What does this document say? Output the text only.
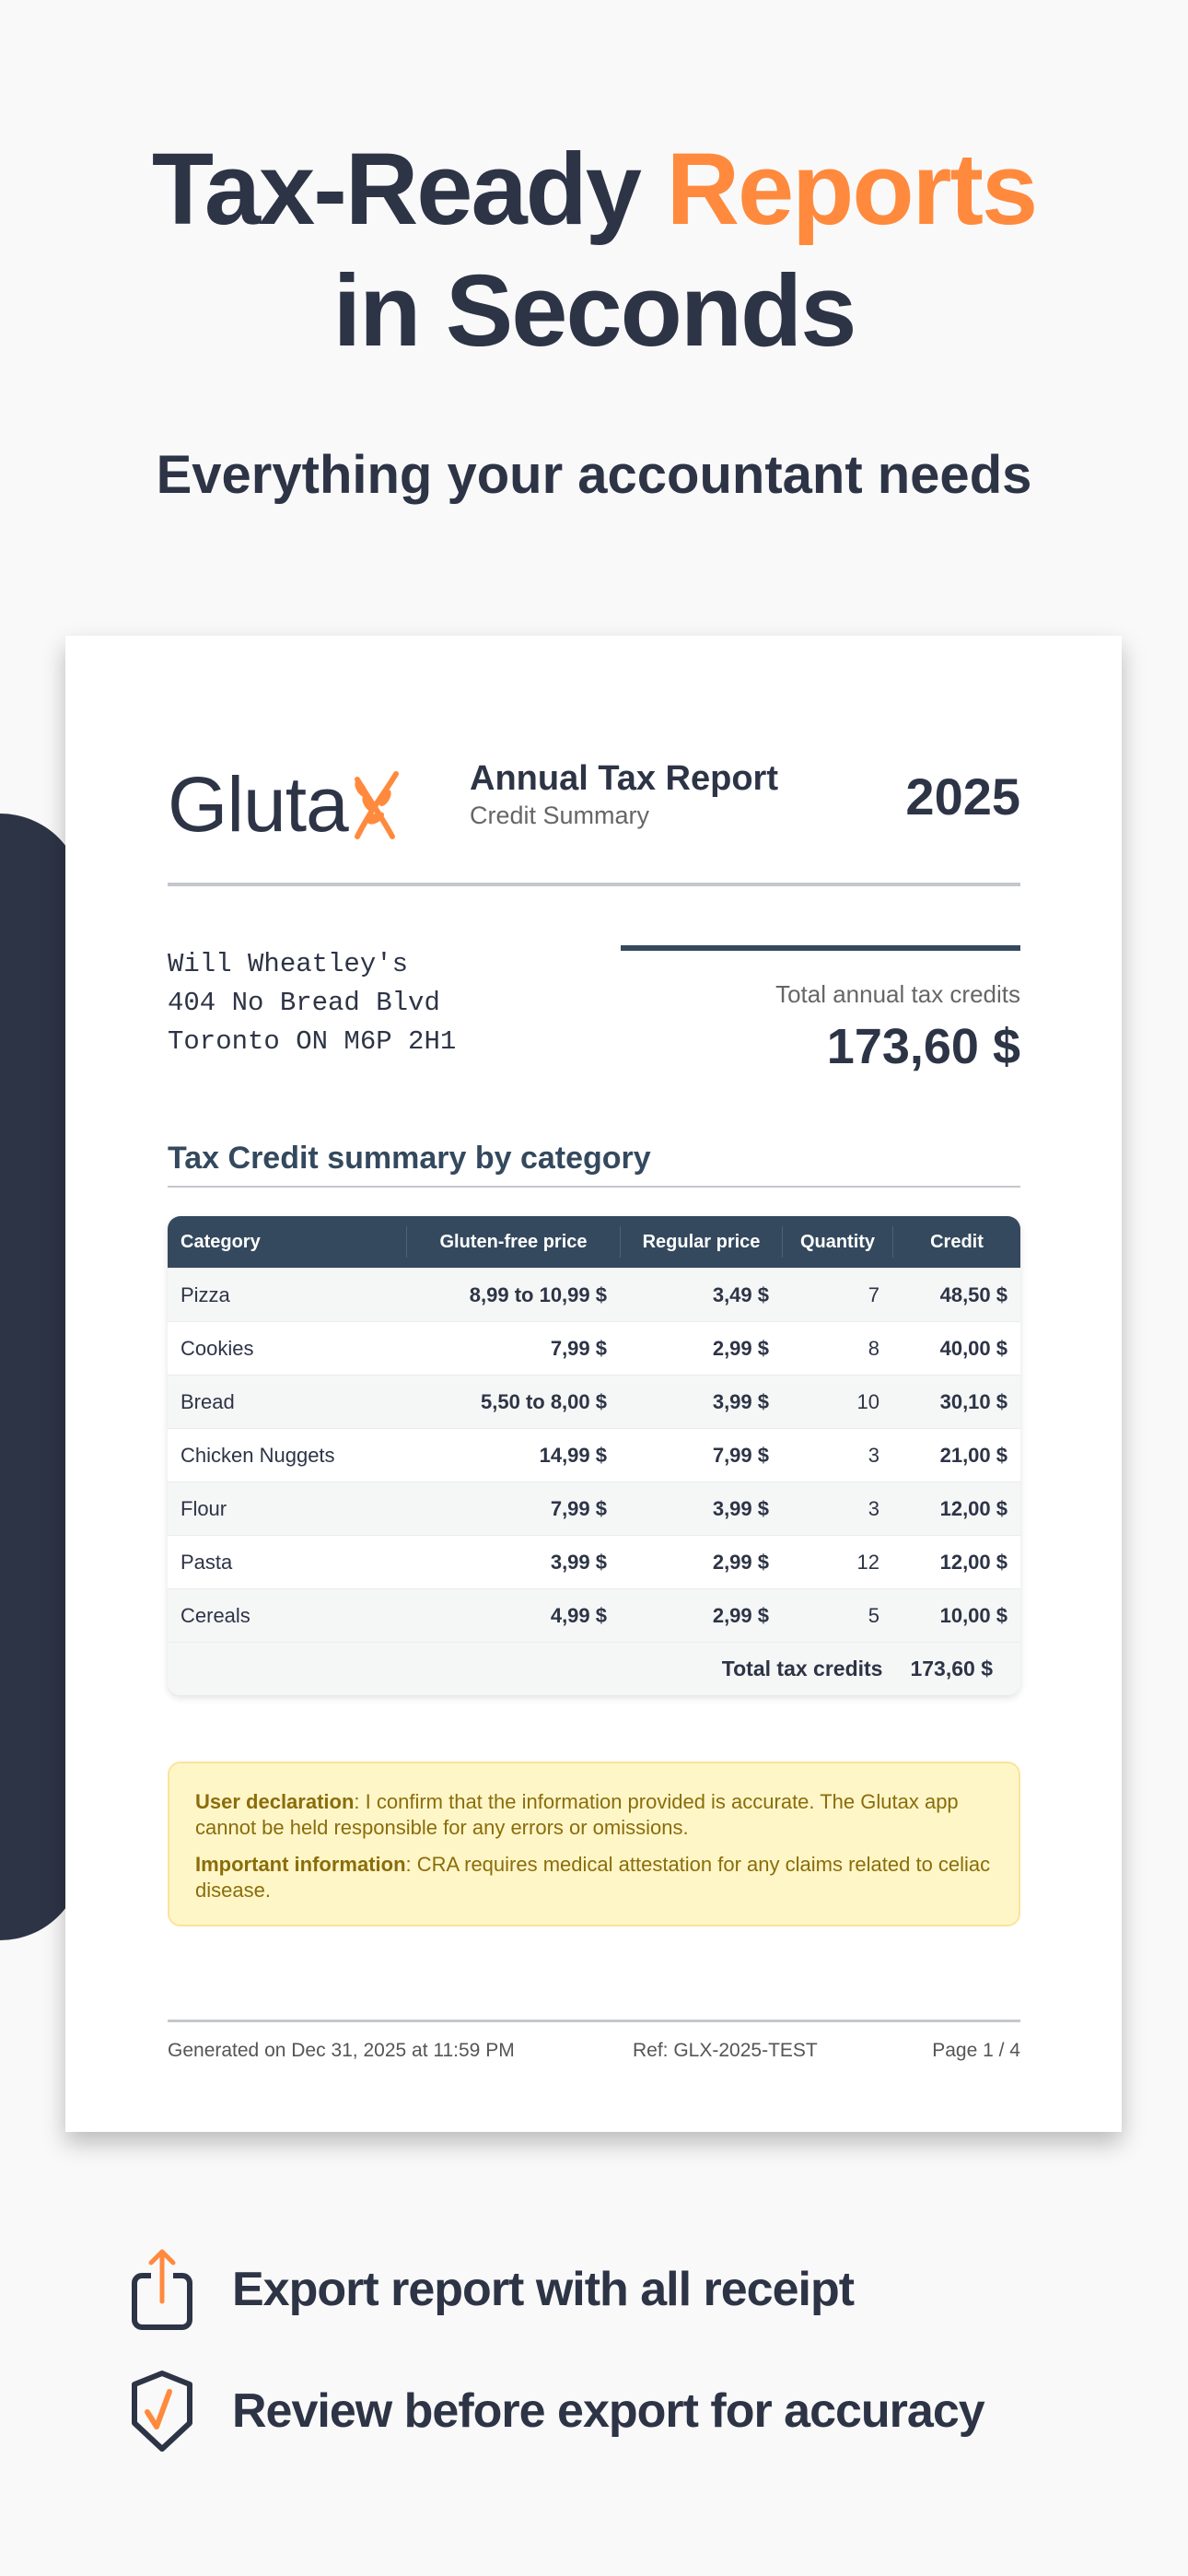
Tax-Ready Reports
in Seconds
Everything your accountant needs
Gluta	Annual Tax Report
Credit Summary	2025
Will Wheatley's
404 No Bread Blvd
Toronto ON M6P 2H1
Total annual tax credits
173,60 $
Tax Credit summary by category
Category	Gluten-free price	Regular price	Quantity	Credit
Pizza	8,99 to 10,99 $	3,49 $	7	48,50 $
Cookies	7,99 $	2,99 $	8	40,00 $
Bread	5,50 to 8,00 $	3,99 $	10	30,10 $
Chicken Nuggets	14,99 $	7,99 $	3	21,00 $
Flour	7,99 $	3,99 $	3	12,00 $
Pasta	3,99 $	2,99 $	12	12,00 $
Cereals	4,99 $	2,99 $	5	10,00 $
Total tax credits 173,60 $

User declaration: I confirm that the information provided is accurate. The Glutax app cannot be held responsible for any errors or omissions.

Important information: CRA requires medical attestation for any claims related to celiac disease.

Generated on Dec 31, 2025 at 11:59 PM	Ref: GLX-2025-TEST	Page 1 / 4
Export report with all receipt
Review before export for accuracy
